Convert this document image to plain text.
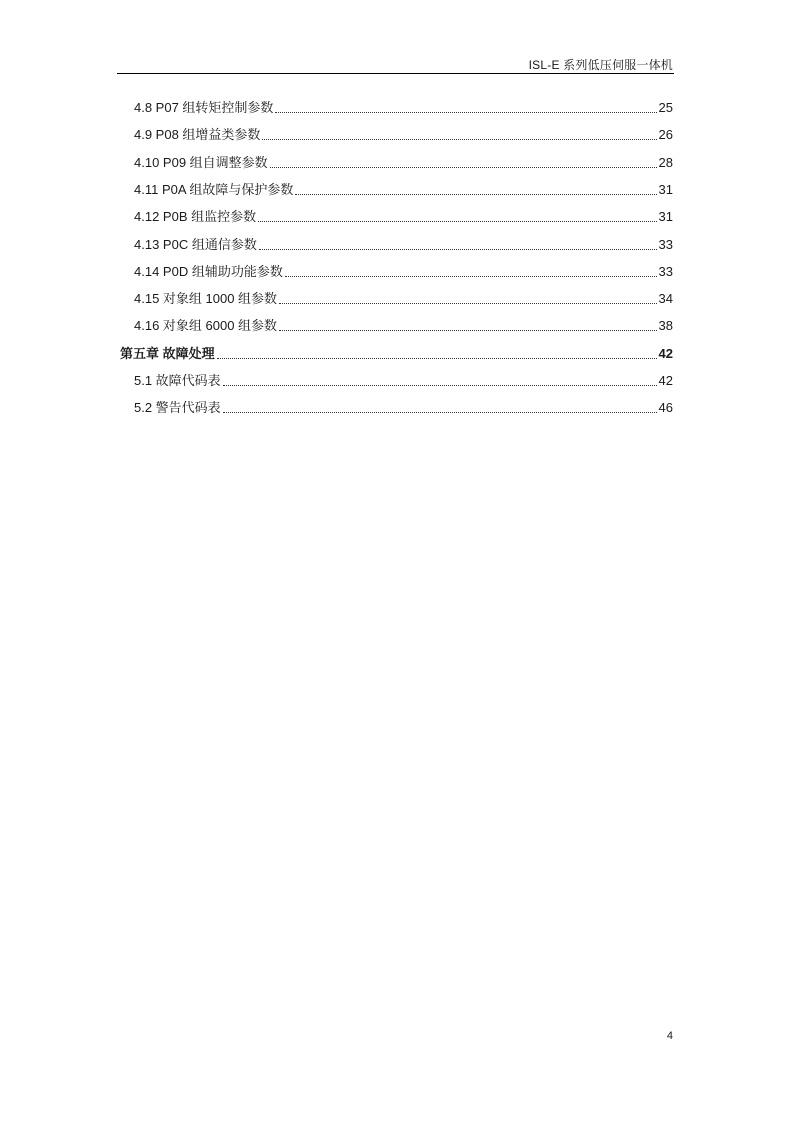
ISL-E 系列低压伺服一体机
4.8 P07 组转矩控制参数	25
4.9 P08 组增益类参数	26
4.10 P09 组自调整参数	28
4.11 P0A 组故障与保护参数	31
4.12 P0B 组监控参数	31
4.13 P0C 组通信参数	33
4.14 P0D 组辅助功能参数	33
4.15 对象组 1000 组参数	34
4.16 对象组 6000 组参数	38
第五章 故障处理	42
5.1 故障代码表	42
5.2 警告代码表	46
4
